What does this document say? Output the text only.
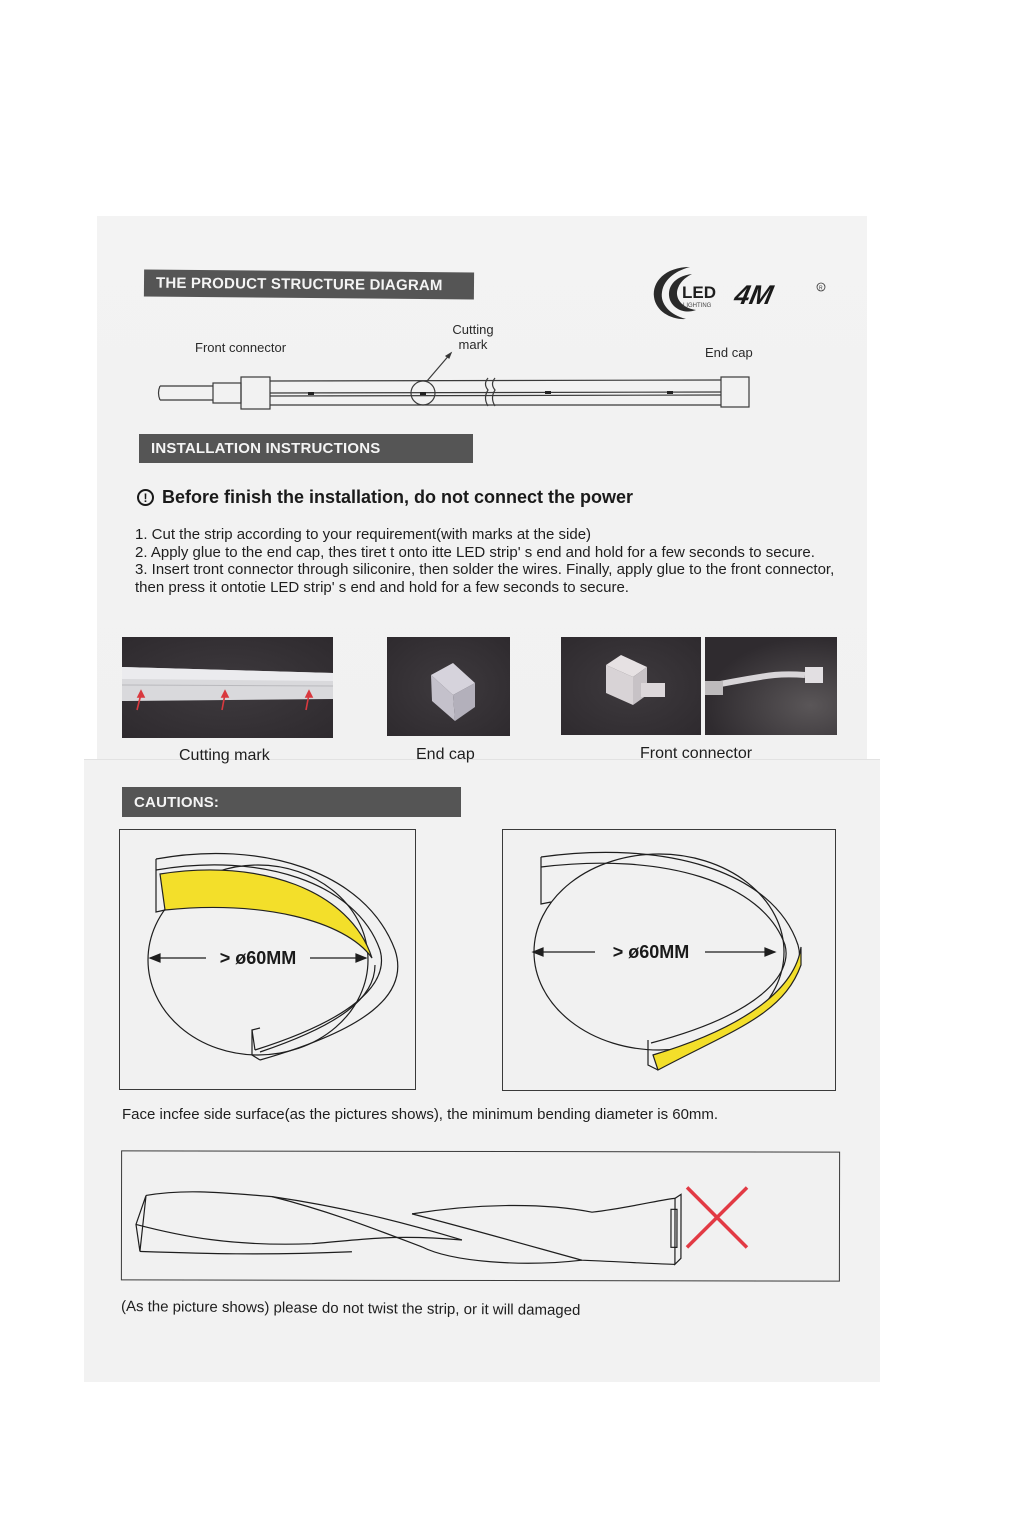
THE PRODUCT STRUCTURE DIAGRAM	LED
LIGHTING 4M	R
Front connector
Cutting
mark
End cap
INSTALLATION INSTRUCTIONS
! Before finish the installation, do not connect the power

1. Cut the strip according to your requirement(with marks at the side)

2. Apply glue to the end cap, thes tiret t onto itte LED strip' s end and hold for a few seconds to secure.

3. Insert tront connector through siliconire, then solder the wires. Finally, apply glue to the front connector, then press it ontotie LED strip' s end and hold for a few seconds to secure.

Cutting mark	End cap	Front connector
CAUTIONS:
> ø60MM	> ø60MM
Face incfee side surface(as the pictures shows), the minimum bending diameter is 60mm.
(As the picture shows) please do not twist the strip, or it will damaged
